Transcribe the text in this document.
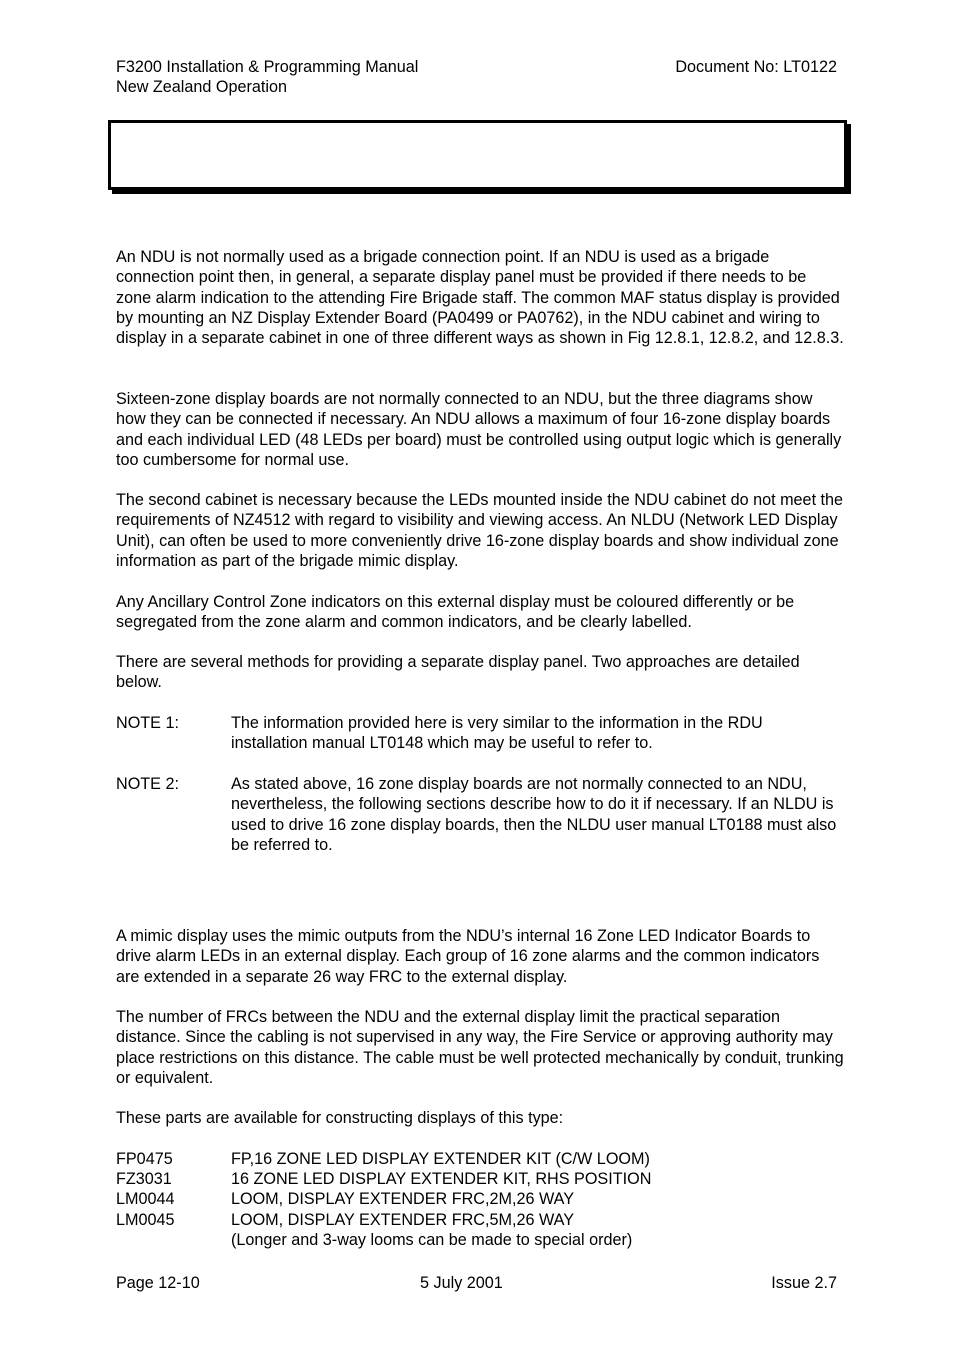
F3200 Installation & Programming Manual
New Zealand Operation
Document No: LT0122

An NDU is not normally used as a brigade connection point. If an NDU is used as a brigade connection point then, in general, a separate display panel must be provided if there needs to be zone alarm indication to the attending Fire Brigade staff. The common MAF status display is provided by mounting an NZ Display Extender Board (PA0499 or PA0762), in the NDU cabinet and wiring to display in a separate cabinet in one of three different ways as shown in Fig 12.8.1, 12.8.2, and 12.8.3.

Sixteen-zone display boards are not normally connected to an NDU, but the three diagrams show how they can be connected if necessary. An NDU allows a maximum of four 16-zone display boards and each individual LED (48 LEDs per board) must be controlled using output logic which is generally too cumbersome for normal use.

The second cabinet is necessary because the LEDs mounted inside the NDU cabinet do not meet the requirements of NZ4512 with regard to visibility and viewing access. An NLDU (Network LED Display Unit), can often be used to more conveniently drive 16-zone display boards and show individual zone information as part of the brigade mimic display.

Any Ancillary Control Zone indicators on this external display must be coloured differently or be segregated from the zone alarm and common indicators, and be clearly labelled.

There are several methods for providing a separate display panel. Two approaches are detailed below.

NOTE 1:	The information provided here is very similar to the information in the RDU installation manual LT0148 which may be useful to refer to.

NOTE 2:	As stated above, 16 zone display boards are not normally connected to an NDU, nevertheless, the following sections describe how to do it if necessary. If an NLDU is used to drive 16 zone display boards, then the NLDU user manual LT0188 must also be referred to.

A mimic display uses the mimic outputs from the NDU’s internal 16 Zone LED Indicator Boards to drive alarm LEDs in an external display. Each group of 16 zone alarms and the common indicators are extended in a separate 26 way FRC to the external display.

The number of FRCs between the NDU and the external display limit the practical separation distance. Since the cabling is not supervised in any way, the Fire Service or approving authority may place restrictions on this distance. The cable must be well protected mechanically by conduit, trunking or equivalent.

These parts are available for constructing displays of this type:

FP0475	FP,16 ZONE LED DISPLAY EXTENDER KIT (C/W LOOM)
FZ3031	16 ZONE LED DISPLAY EXTENDER KIT, RHS POSITION
LM0044	LOOM, DISPLAY EXTENDER FRC,2M,26 WAY
LM0045	LOOM, DISPLAY EXTENDER FRC,5M,26 WAY
(Longer and 3-way looms can be made to special order)
Page 12-10	5 July 2001	Issue 2.7
